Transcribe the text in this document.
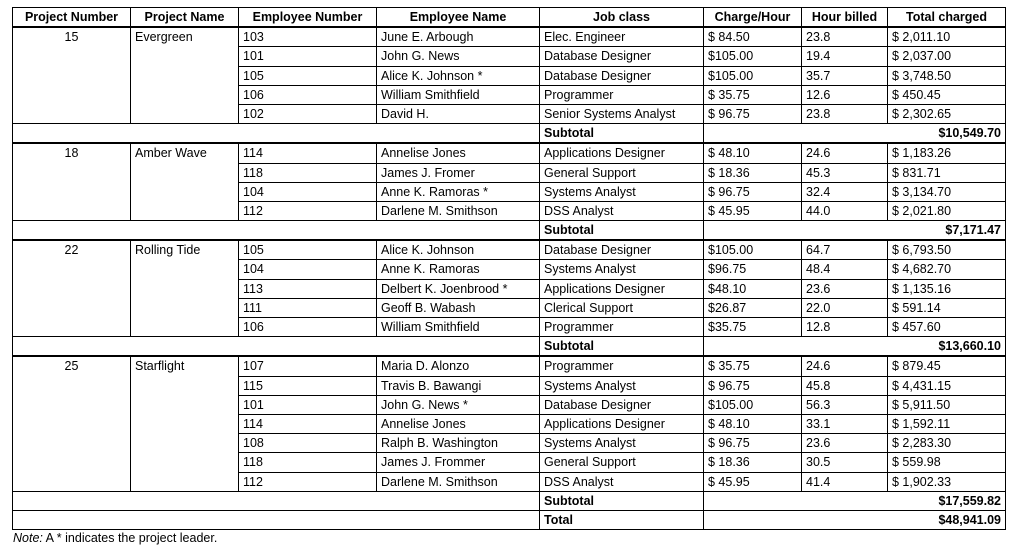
Project Number	Project Name	Employee Number	Employee Name	Job class	Charge/Hour	Hour billed	Total charged
15	Evergreen	103	June E. Arbough	Elec. Engineer	$ 84.50	23.8	$ 2,011.10
		101	John G. News	Database Designer	$105.00	19.4	$ 2,037.00
		105	Alice K. Johnson *	Database Designer	$105.00	35.7	$ 3,748.50
		106	William Smithfield	Programmer	$ 35.75	12.6	$ 450.45
		102	David H.	Senior Systems Analyst	$ 96.75	23.8	$ 2,302.65
				Subtotal	$10,549.70		
18	Amber Wave	114	Annelise Jones	Applications Designer	$ 48.10	24.6	$ 1,183.26
		118	James J. Fromer	General Support	$ 18.36	45.3	$ 831.71
		104	Anne K. Ramoras *	Systems Analyst	$ 96.75	32.4	$ 3,134.70
		112	Darlene M. Smithson	DSS Analyst	$ 45.95	44.0	$ 2,021.80
				Subtotal	$7,171.47		
22	Rolling Tide	105	Alice K. Johnson	Database Designer	$105.00	64.7	$ 6,793.50
		104	Anne K. Ramoras	Systems Analyst	$96.75	48.4	$ 4,682.70
		113	Delbert K. Joenbrood *	Applications Designer	$48.10	23.6	$ 1,135.16
		111	Geoff B. Wabash	Clerical Support	$26.87	22.0	$ 591.14
		106	William Smithfield	Programmer	$35.75	12.8	$ 457.60
				Subtotal	$13,660.10		
25	Starflight	107	Maria D. Alonzo	Programmer	$ 35.75	24.6	$ 879.45
		115	Travis B. Bawangi	Systems Analyst	$ 96.75	45.8	$ 4,431.15
		101	John G. News *	Database Designer	$105.00	56.3	$ 5,911.50
		114	Annelise Jones	Applications Designer	$ 48.10	33.1	$ 1,592.11
		108	Ralph B. Washington	Systems Analyst	$ 96.75	23.6	$ 2,283.30
		118	James J. Frommer	General Support	$ 18.36	30.5	$ 559.98
		112	Darlene M. Smithson	DSS Analyst	$ 45.95	41.4	$ 1,902.33
				Subtotal	$17,559.82		
				Total	$48,941.09		
Note: A * indicates the project leader.
